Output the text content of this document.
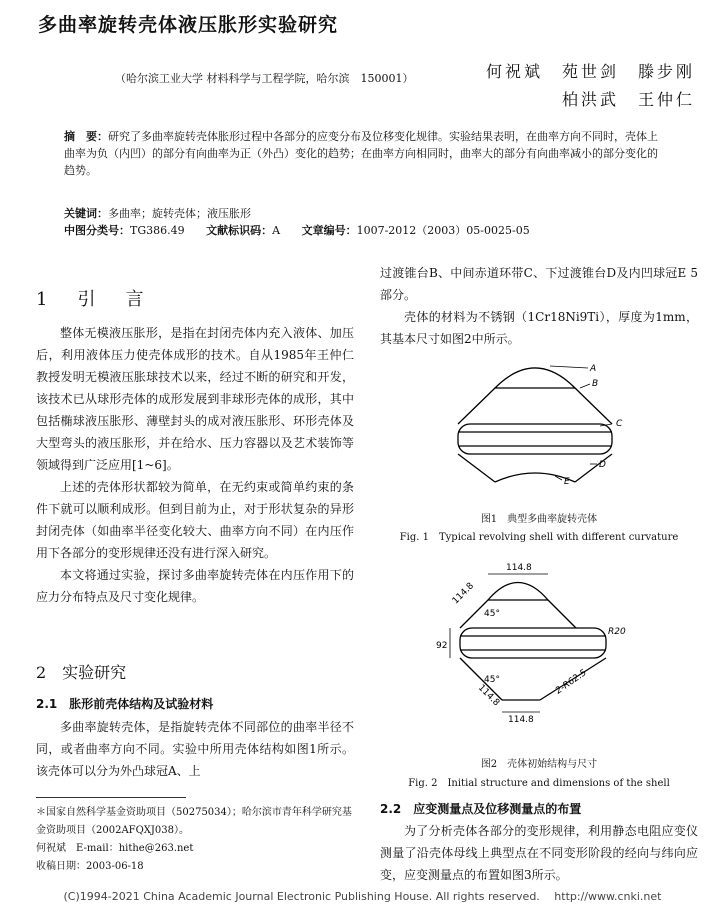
多曲率旋转壳体液压胀形实验研究
（哈尔滨工业大学 材料科学与工程学院，哈尔滨　150001）	何祝斌　苑世剑　滕步刚
柏洪武　王仲仁
摘　要：研究了多曲率旋转壳体胀形过程中各部分的应变分布及位移变化规律。实验结果表明，在曲率方向不同时，壳体上曲率为负（内凹）的部分有向曲率为正（外凸）变化的趋势；在曲率方向相同时，曲率大的部分有向曲率减小的部分变化的趋势。
关键词：多曲率；旋转壳体；液压胀形
中图分类号：TG386.49 文献标识码：A 文章编号：1007-2012（2003）05-0025-05
1　引　言

整体无模液压胀形，是指在封闭壳体内充入液体、加压后，利用液体压力使壳体成形的技术。自从1985年王仲仁教授发明无模液压胀球技术以来，经过不断的研究和开发，该技术已从球形壳体的成形发展到非球形壳体的成形，其中包括椭球液压胀形、薄壁封头的成对液压胀形、环形壳体及大型弯头的液压胀形，并在给水、压力容器以及艺术装饰等领域得到广泛应用[1~6]。

上述的壳体形状都较为简单，在无约束或简单约束的条件下就可以顺利成形。但到目前为止，对于形状复杂的异形封闭壳体（如曲率半径变化较大、曲率方向不同）在内压作用下各部分的变形规律还没有进行深入研究。

本文将通过实验，探讨多曲率旋转壳体在内压作用下的应力分布特点及尺寸变化规律。

2　实验研究
2.1　胀形前壳体结构及试验材料

多曲率旋转壳体，是指旋转壳体不同部位的曲率半径不同，或者曲率方向不同。实验中所用壳体结构如图1所示。该壳体可以分为外凸球冠A、上

＊国家自然科学基金资助项目（50275034）；哈尔滨市青年科学研究基金资助项目（2002AFQXJ038）。
何祝斌　E-mail：hithe@263.net
收稿日期：2003-06-18

过渡锥台B、中间赤道环带C、下过渡锥台D及内凹球冠E 5部分。

壳体的材料为不锈钢（1Cr18Ni9Ti），厚度为1mm，其基本尺寸如图2中所示。

A
B
C
D
E
图1　典型多曲率旋转壳体
Fig. 1　Typical revolving shell with different curvature
114.8
92
114.8
45°
R20
45°
114.8	2-R62.5
114.8
图2　壳体初始结构与尺寸
Fig. 2　Initial structure and dimensions of the shell
2.2　应变测量点及位移测量点的布置

为了分析壳体各部分的变形规律，利用静态电阻应变仪测量了沿壳体母线上典型点在不同变形阶段的经向与纬向应变，应变测量点的布置如图3所示。

(C)1994-2021 China Academic Journal Electronic Publishing House. All rights reserved.　 http://www.cnki.net
